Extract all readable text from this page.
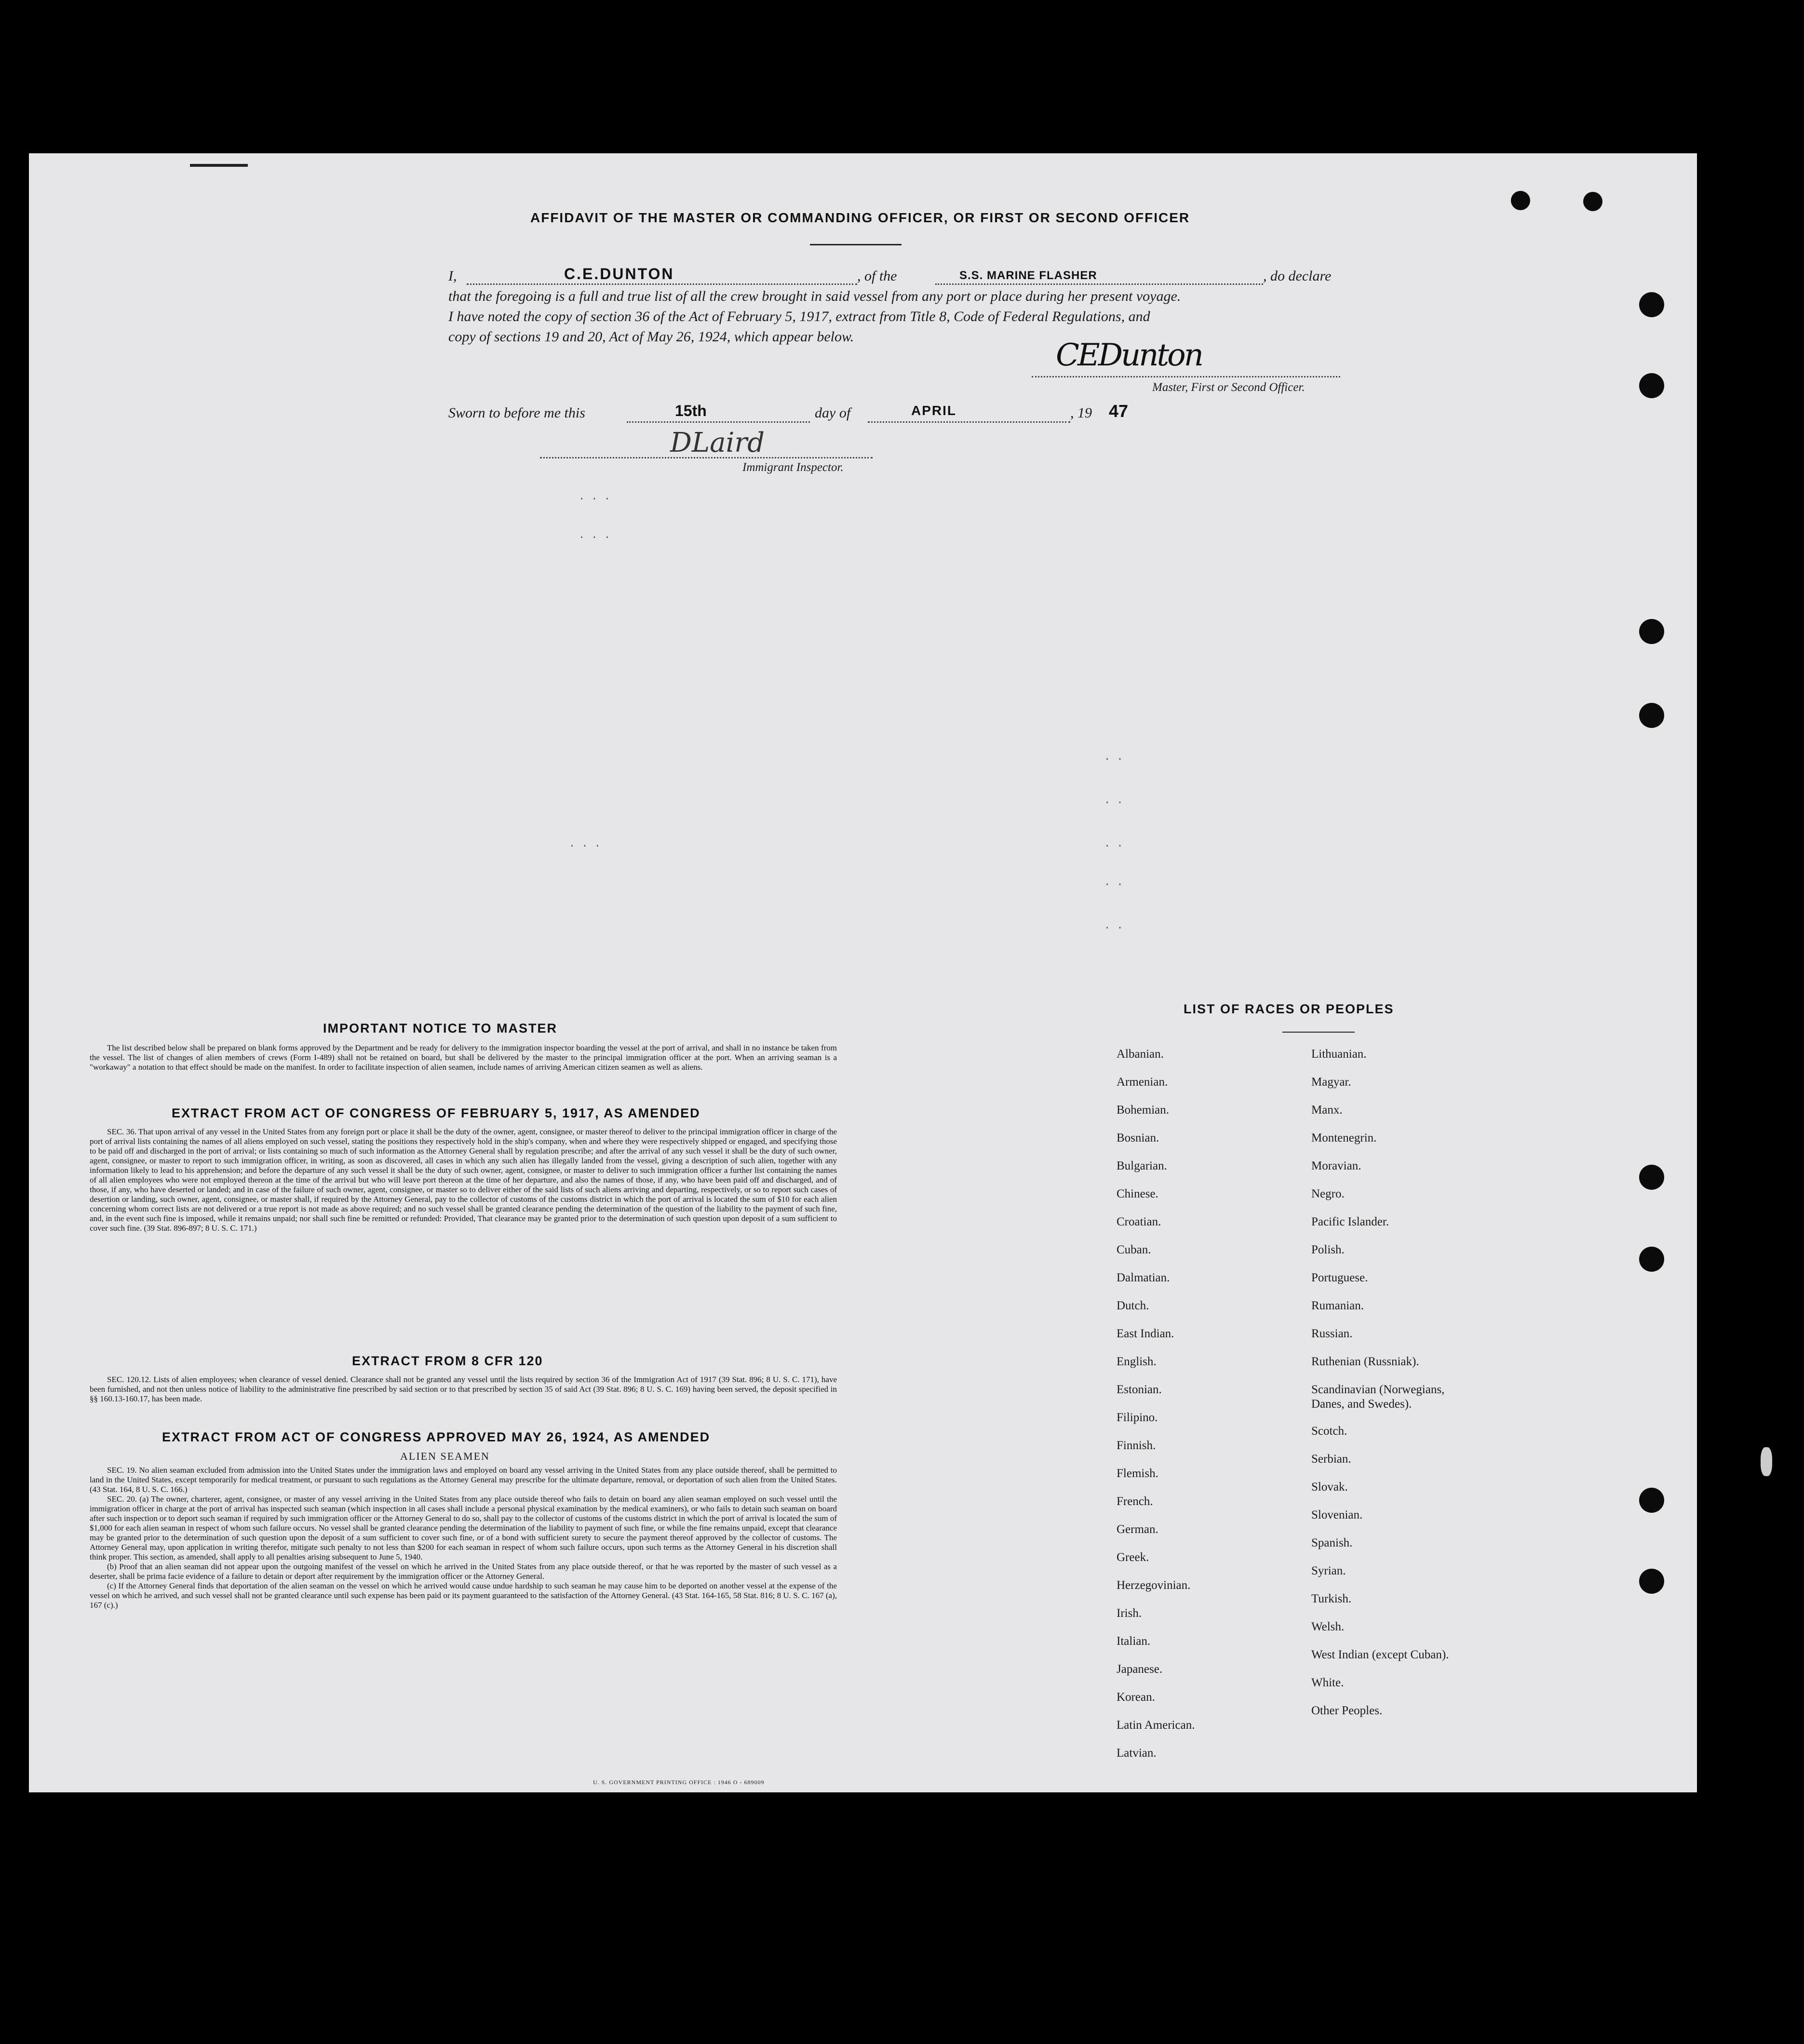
AFFIDAVIT OF THE MASTER OR COMMANDING OFFICER, OR FIRST OR SECOND OFFICER
I,	C.E.DUNTON	, of the	S.S. MARINE FLASHER	, do declare
that the foregoing is a full and true list of all the crew brought in said vessel from any port or place during her present voyage.
I have noted the copy of section 36 of the Act of February 5, 1917, extract from Title 8, Code of Federal Regulations, and
copy of sections 19 and 20, Act of May 26, 1924, which appear below.
CEDunton
Master, First or Second Officer.
Sworn to before me this	15th	day of	APRIL	, 19 47
DLaird
Immigrant Inspector.
. . .
. . .
. . .
. .
. .
. .
. .
. .
IMPORTANT NOTICE TO MASTER

The list described below shall be prepared on blank forms approved by the Department and be ready for delivery to the immigration inspector boarding the vessel at the port of arrival, and shall in no instance be taken from the vessel. The list of changes of alien members of crews (Form I-489) shall not be retained on board, but shall be delivered by the master to the principal immigration officer at the port. When an arriving seaman is a "workaway" a notation to that effect should be made on the manifest. In order to facilitate inspection of alien seamen, include names of arriving American citizen seamen as well as aliens.

EXTRACT FROM ACT OF CONGRESS OF FEBRUARY 5, 1917, AS AMENDED

SEC. 36. That upon arrival of any vessel in the United States from any foreign port or place it shall be the duty of the owner, agent, consignee, or master thereof to deliver to the principal immigration officer in charge of the port of arrival lists containing the names of all aliens employed on such vessel, stating the positions they respectively hold in the ship's company, when and where they were respectively shipped or engaged, and specifying those to be paid off and discharged in the port of arrival; or lists containing so much of such information as the Attorney General shall by regulation prescribe; and after the arrival of any such vessel it shall be the duty of such owner, agent, consignee, or master to report to such immigration officer, in writing, as soon as discovered, all cases in which any such alien has illegally landed from the vessel, giving a description of such alien, together with any information likely to lead to his apprehension; and before the departure of any such vessel it shall be the duty of such owner, agent, consignee, or master to deliver to such immigration officer a further list containing the names of all alien employees who were not employed thereon at the time of the arrival but who will leave port thereon at the time of her departure, and also the names of those, if any, who have been paid off and discharged, and of those, if any, who have deserted or landed; and in case of the failure of such owner, agent, consignee, or master so to deliver either of the said lists of such aliens arriving and departing, respectively, or so to report such cases of desertion or landing, such owner, agent, consignee, or master shall, if required by the Attorney General, pay to the collector of customs of the customs district in which the port of arrival is located the sum of $10 for each alien concerning whom correct lists are not delivered or a true report is not made as above required; and no such vessel shall be granted clearance pending the determination of the question of the liability to the payment of such fine, and, in the event such fine is imposed, while it remains unpaid; nor shall such fine be remitted or refunded: Provided, That clearance may be granted prior to the determination of such question upon deposit of a sum sufficient to cover such fine. (39 Stat. 896-897; 8 U. S. C. 171.)

EXTRACT FROM 8 CFR 120

SEC. 120.12. Lists of alien employees; when clearance of vessel denied. Clearance shall not be granted any vessel until the lists required by section 36 of the Immigration Act of 1917 (39 Stat. 896; 8 U. S. C. 171), have been furnished, and not then unless notice of liability to the administrative fine prescribed by said section or to that prescribed by section 35 of said Act (39 Stat. 896; 8 U. S. C. 169) having been served, the deposit specified in §§ 160.13-160.17, has been made.

EXTRACT FROM ACT OF CONGRESS APPROVED MAY 26, 1924, AS AMENDED
ALIEN SEAMEN

SEC. 19. No alien seaman excluded from admission into the United States under the immigration laws and employed on board any vessel arriving in the United States from any place outside thereof, shall be permitted to land in the United States, except temporarily for medical treatment, or pursuant to such regulations as the Attorney General may prescribe for the ultimate departure, removal, or deportation of such alien from the United States. (43 Stat. 164, 8 U. S. C. 166.)

SEC. 20. (a) The owner, charterer, agent, consignee, or master of any vessel arriving in the United States from any place outside thereof who fails to detain on board any alien seaman employed on such vessel until the immigration officer in charge at the port of arrival has inspected such seaman (which inspection in all cases shall include a personal physical examination by the medical examiners), or who fails to detain such seaman on board after such inspection or to deport such seaman if required by such immigration officer or the Attorney General to do so, shall pay to the collector of customs of the customs district in which the port of arrival is located the sum of $1,000 for each alien seaman in respect of whom such failure occurs. No vessel shall be granted clearance pending the determination of the liability to payment of such fine, or while the fine remains unpaid, except that clearance may be granted prior to the determination of such question upon the deposit of a sum sufficient to cover such fine, or of a bond with sufficient surety to secure the payment thereof approved by the collector of customs. The Attorney General may, upon application in writing therefor, mitigate such penalty to not less than $200 for each seaman in respect of whom such failure occurs, upon such terms as the Attorney General in his discretion shall think proper. This section, as amended, shall apply to all penalties arising subsequent to June 5, 1940.

(b) Proof that an alien seaman did not appear upon the outgoing manifest of the vessel on which he arrived in the United States from any place outside thereof, or that he was reported by the master of such vessel as a deserter, shall be prima facie evidence of a failure to detain or deport after requirement by the immigration officer or the Attorney General.

(c) If the Attorney General finds that deportation of the alien seaman on the vessel on which he arrived would cause undue hardship to such seaman he may cause him to be deported on another vessel at the expense of the vessel on which he arrived, and such vessel shall not be granted clearance until such expense has been paid or its payment guaranteed to the satisfaction of the Attorney General. (43 Stat. 164-165, 58 Stat. 816; 8 U. S. C. 167 (a), 167 (c).)

U. S. GOVERNMENT PRINTING OFFICE : 1946 O - 689009
LIST OF RACES OR PEOPLES
Albanian.
Armenian.
Bohemian.
Bosnian.
Bulgarian.
Chinese.
Croatian.
Cuban.
Dalmatian.
Dutch.
East Indian.
English.
Estonian.
Filipino.
Finnish.
Flemish.
French.
German.
Greek.
Herzegovinian.
Irish.
Italian.
Japanese.
Korean.
Latin American.
Latvian.
Lithuanian.
Magyar.
Manx.
Montenegrin.
Moravian.
Negro.
Pacific Islander.
Polish.
Portuguese.
Rumanian.
Russian.
Ruthenian (Russniak).
Scandinavian (Norwegians,
Danes, and Swedes).
Scotch.
Serbian.
Slovak.
Slovenian.
Spanish.
Syrian.
Turkish.
Welsh.
West Indian (except Cuban).
White.
Other Peoples.
